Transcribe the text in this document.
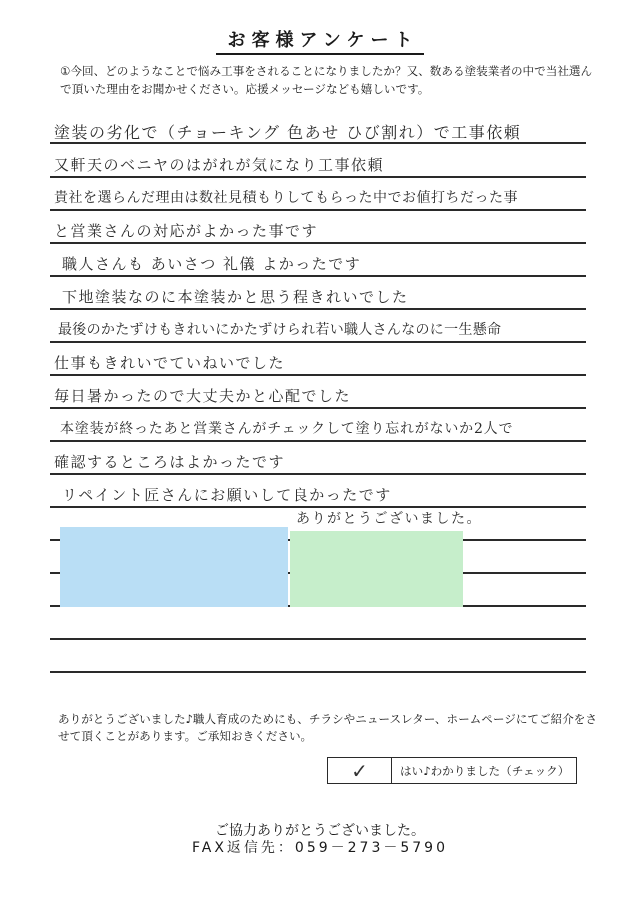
お客様アンケート
①今回、どのようなことで悩み工事をされることになりましたか？又、数ある塗装業者の中で当社選んで頂いた理由をお聞かせください。応援メッセージなども嬉しいです。
塗装の劣化で（チョーキング 色あせ ひび割れ）で工事依頼
又軒天のベニヤのはがれが気になり工事依頼
貴社を選らんだ理由は数社見積もりしてもらった中でお値打ちだった事
と営業さんの対応がよかった事です
職人さんも あいさつ 礼儀 よかったです
下地塗装なのに本塗装かと思う程きれいでした
最後のかたずけもきれいにかたずけられ若い職人さんなのに一生懸命
仕事もきれいでていねいでした
毎日暑かったので大丈夫かと心配でした
本塗装が終ったあと営業さんがチェックして塗り忘れがないか2人で
確認するところはよかったです
リペイント匠さんにお願いして良かったです
ありがとうございました。
ありがとうございました♪職人育成のためにも、チラシやニュースレター、ホームページにてご紹介をさせて頂くことがあります。ご承知おきください。
✓	はい♪わかりました（チェック）
ご協力ありがとうございました。
FAX返信先：059－273－5790
